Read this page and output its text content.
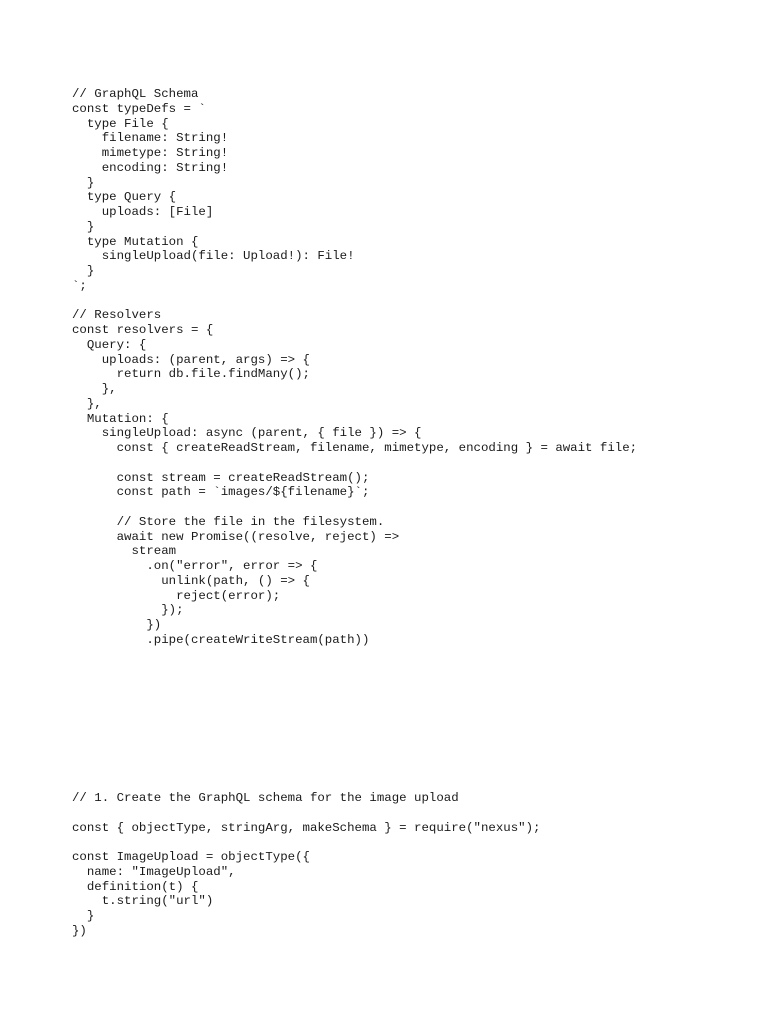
// GraphQL Schema
const typeDefs = `
type File {
filename: String!
mimetype: String!
encoding: String!
}
type Query {
uploads: [File]
}
type Mutation {
singleUpload(file: Upload!): File!
}
`;
// Resolvers
const resolvers = {
Query: {
uploads: (parent, args) => {
return db.file.findMany();
},
},
Mutation: {
singleUpload: async (parent, { file }) => {
const { createReadStream, filename, mimetype, encoding } = await file;
const stream = createReadStream();
const path = `images/${filename}`;
// Store the file in the filesystem.
await new Promise((resolve, reject) =>
stream
.on("error", error => {
unlink(path, () => {
reject(error);
});
})
.pipe(createWriteStream(path))
// 1. Create the GraphQL schema for the image upload
const { objectType, stringArg, makeSchema } = require("nexus");
const ImageUpload = objectType({
name: "ImageUpload",
definition(t) {
t.string("url")
}
})
